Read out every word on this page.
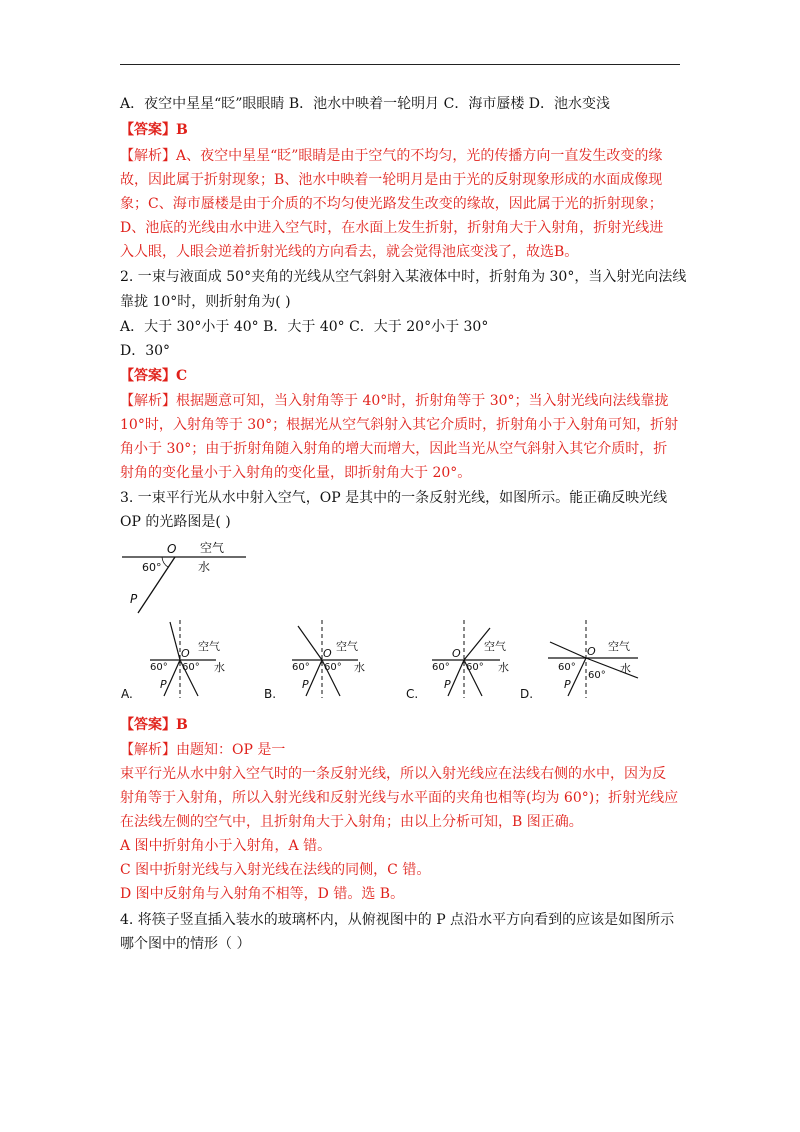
A．夜空中星星“眨”眼眼睛 B．池水中映着一轮明月 C．海市蜃楼 D．池水变浅
【答案】B
【解析】A、夜空中星星“眨”眼睛是由于空气的不均匀，光的传播方向一直发生改变的缘
故，因此属于折射现象；B、池水中映着一轮明月是由于光的反射现象形成的水面成像现
象；C、海市蜃楼是由于介质的不均匀使光路发生改变的缘故，因此属于光的折射现象；
D、池底的光线由水中进入空气时，在水面上发生折射，折射角大于入射角，折射光线进
入人眼，人眼会逆着折射光线的方向看去，就会觉得池底变浅了，故选B。
2. 一束与液面成 50°夹角的光线从空气斜射入某液体中时，折射角为 30°，当入射光向法线
靠拢 10°时，则折射角为( )
A．大于 30°小于 40° B．大于 40° C．大于 20°小于 30°
D．30°
【答案】C
【解析】根据题意可知，当入射角等于 40°时，折射角等于 30°；当入射光线向法线靠拢
10°时，入射角等于 30°；根据光从空气斜射入其它介质时，折射角小于入射角可知，折射
角小于 30°；由于折射角随入射角的增大而增大，因此当光从空气斜射入其它介质时，折
射角的变化量小于入射角的变化量，即折射角大于 20°。
3. 一束平行光从水中射入空气，OP 是其中的一条反射光线，如图所示。能正确反映光线
OP 的光路图是( )
O 空气
水
60°
P
O
空气
水
60° 60°
P
A.
O
空气
水
60° 60°
P
B.
O
空气
水
60° 60°
P
C.
O 空气
水
60°
60°
P
D.
【答案】B
【解析】由题知：OP 是一
束平行光从水中射入空气时的一条反射光线，所以入射光线应在法线右侧的水中，因为反
射角等于入射角，所以入射光线和反射光线与水平面的夹角也相等(均为 60°)；折射光线应
在法线左侧的空气中，且折射角大于入射角；由以上分析可知，B 图正确。
A 图中折射角小于入射角，A 错。
C 图中折射光线与入射光线在法线的同侧，C 错。
D 图中反射角与入射角不相等，D 错。选 B。
4. 将筷子竖直插入装水的玻璃杯内，从俯视图中的 P 点沿水平方向看到的应该是如图所示
哪个图中的情形（ ）
